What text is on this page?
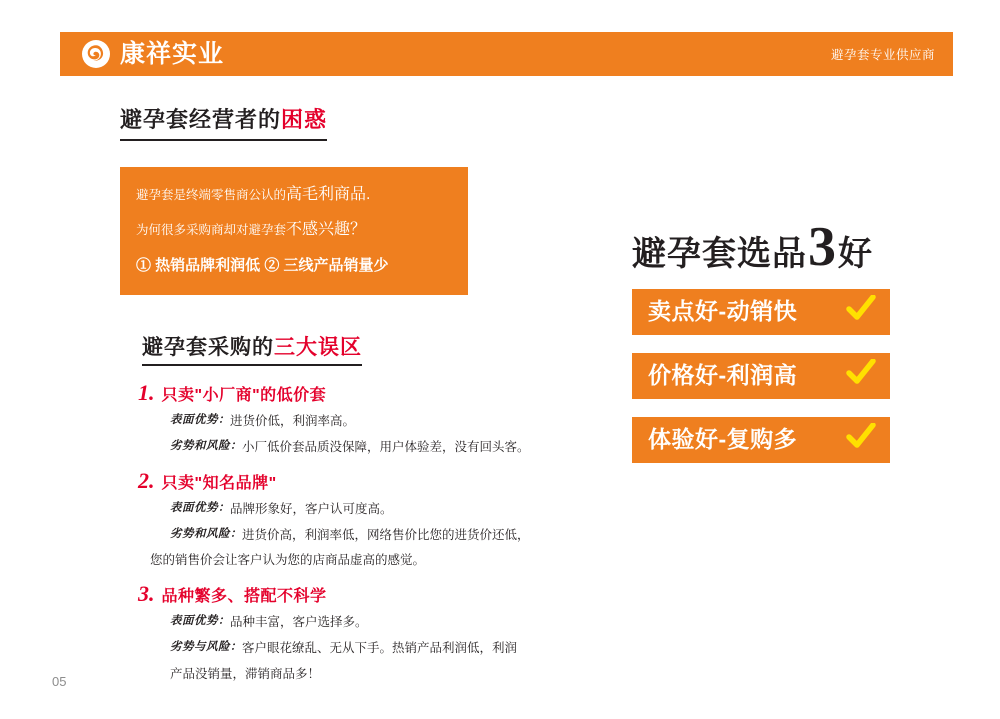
康祥实业	避孕套专业供应商
避孕套经营者的困惑
避孕套是终端零售商公认的高毛利商品.
为何很多采购商却对避孕套不感兴趣？
① 热销品牌利润低 ② 三线产品销量少
避孕套采购的三大误区
1. 只卖"小厂商"的低价套
表面优势： 进货价低，利润率高。
劣势和风险： 小厂低价套品质没保障，用户体验差，没有回头客。
2. 只卖"知名品牌"
表面优势： 品牌形象好，客户认可度高。
劣势和风险： 进货价高，利润率低，网络售价比您的进货价还低，
您的销售价会让客户认为您的店商品虚高的感觉。
3. 品种繁多、搭配不科学
表面优势： 品种丰富，客户选择多。
劣势与风险： 客户眼花缭乱、无从下手。热销产品利润低，利润
产品没销量，滞销商品多！
避孕套选品 3 好
卖点好-动销快
价格好-利润高
体验好-复购多
05
